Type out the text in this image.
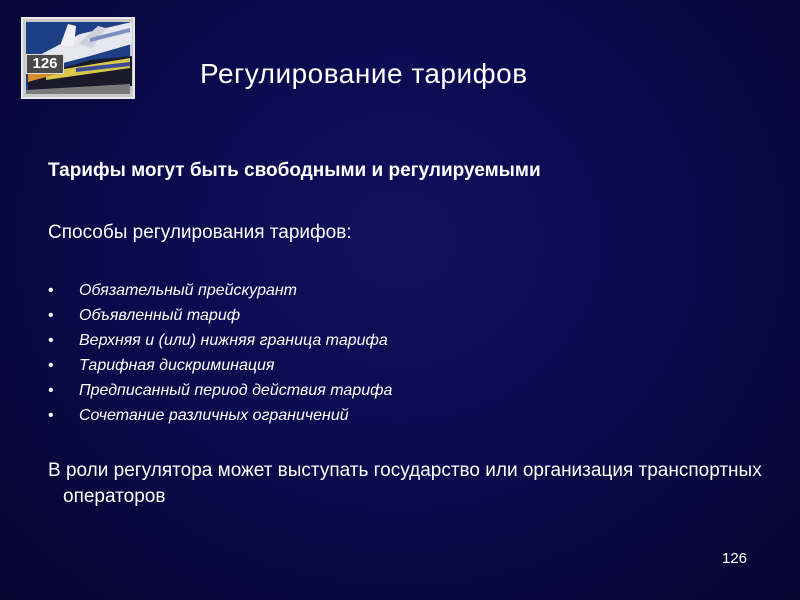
126	Регулирование тарифов
Тарифы могут быть свободными и регулируемыми
Способы регулирования тарифов:
• Обязательный прейскурант
• Объявленный тариф
• Верхняя и (или) нижняя граница тарифа
• Тарифная дискриминация
• Предписанный период действия тарифа
• Сочетание различных ограничений
В роли регулятора может выступать государство или организация транспортных операторов
126
